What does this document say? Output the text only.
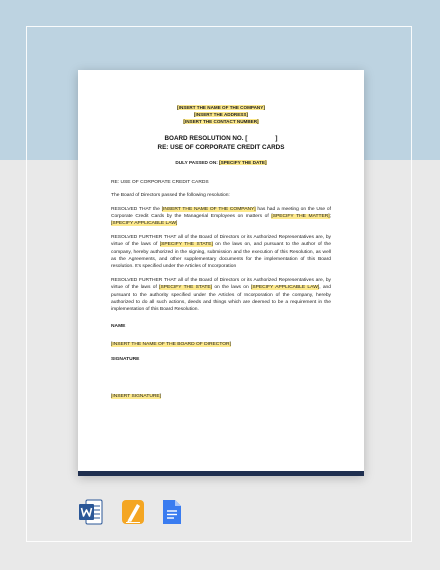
[INSERT THE NAME OF THE COMPANY]
[INSERT THE ADDRESS]
[INSERT THE CONTACT NUMBER]
BOARD RESOLUTION NO. [                ]
RE: USE OF CORPORATE CREDIT CARDS
DULY PASSED ON: [SPECIFY THE DATE]
RE: USE OF CORPORATE CREDIT CARDS
The Board of Directors passed the following resolution:
RESOLVED THAT the [INSERT THE NAME OF THE COMPANY] has had a meeting on the Use of Corporate Credit Cards by the Managerial Employees on matters of [SPECIFY THE MATTER]; [SPECIFY APPLICABLE LAW]
RESOLVED FURTHER THAT all of the Board of Directors or its Authorized Representatives are, by virtue of the laws of [SPECIFY THE STATE] on the laws on, and pursuant to the author of the company, hereby authorized in the signing, submission and the execution of this Resolution, as well as the Agreements, and other supplementary documents for the implementation of this Board resolution. It's specified under the Articles of Incorporation
RESOLVED FURTHER THAT all of the Board of Directors or its Authorized Representatives are, by virtue of the laws of [SPECIFY THE STATE] on the laws on [SPECIFY APPLICABLE LAW], and pursuant to the authority specified under the Articles of Incorporation of the company, hereby authorized to do all such actions, deeds and things which are deemed to be a requirement in the implementation of this Board Resolution.
NAME
[INSERT THE NAME OF THE BOARD OF DIRECTOR]
SIGNATURE
[INSERT SIGNATURE]
